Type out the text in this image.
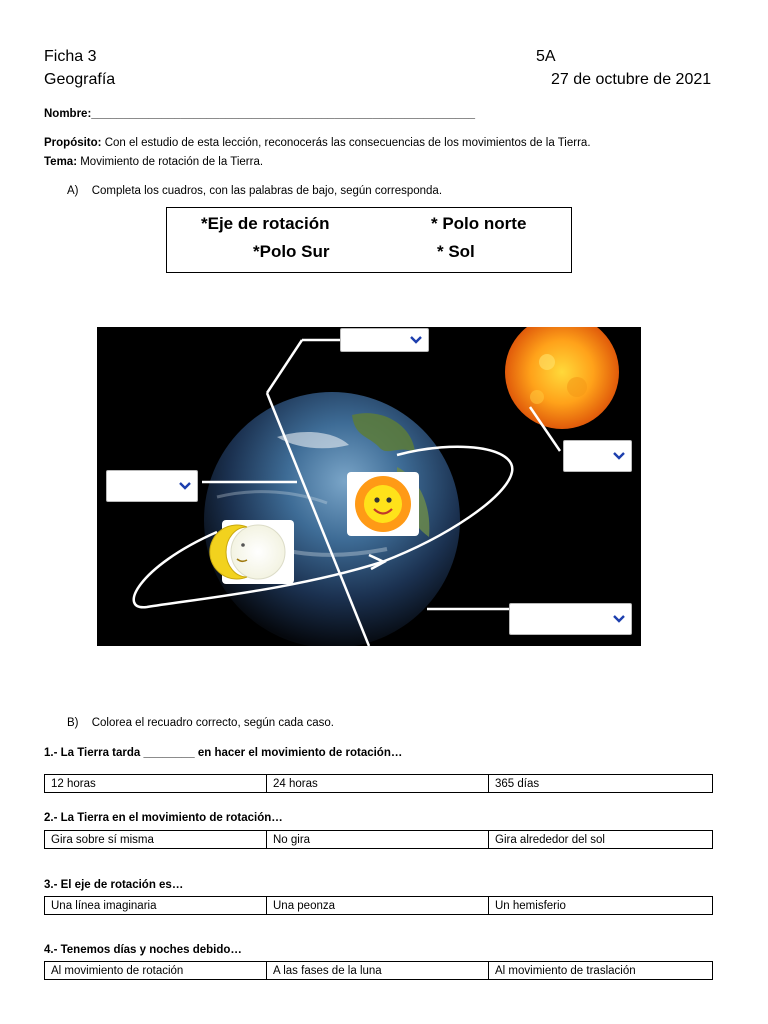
Ficha 3
Geografía
5A
27 de octubre de 2021
Nombre:____________________________________________________________
Propósito: Con el estudio de esta lección, reconocerás las consecuencias de los movimientos de la Tierra.
Tema: Movimiento de rotación de la Tierra.
A) Completa los cuadros, con las palabras de bajo, según corresponda.
*Eje de rotación	* Polo norte
*Polo Sur	* Sol
B) Colorea el recuadro correcto, según cada caso.
1.- La Tierra tarda ________ en hacer el movimiento de rotación…
12 horas	24 horas	365 días
2.- La Tierra en el movimiento de rotación…
Gira sobre sí misma	No gira	Gira alrededor del sol
3.- El eje de rotación es…
Una línea imaginaria	Una peonza	Un hemisferio
4.- Tenemos días y noches debido…
Al movimiento de rotación	A las fases de la luna	Al movimiento de traslación
